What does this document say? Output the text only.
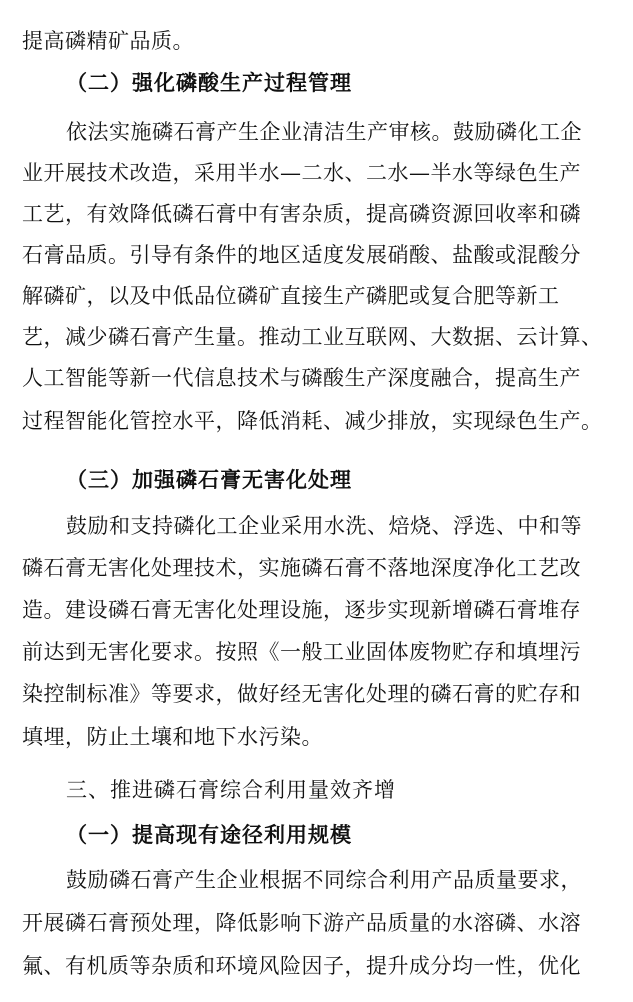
提高磷精矿品质。
（二）强化磷酸生产过程管理
依法实施磷石膏产生企业清洁生产审核。鼓励磷化工企
业开展技术改造，采用半水—二水、二水—半水等绿色生产
工艺，有效降低磷石膏中有害杂质，提高磷资源回收率和磷
石膏品质。引导有条件的地区适度发展硝酸、盐酸或混酸分
解磷矿，以及中低品位磷矿直接生产磷肥或复合肥等新工
艺，减少磷石膏产生量。推动工业互联网、大数据、云计算、
人工智能等新一代信息技术与磷酸生产深度融合，提高生产
过程智能化管控水平，降低消耗、减少排放，实现绿色生产。
（三）加强磷石膏无害化处理
鼓励和支持磷化工企业采用水洗、焙烧、浮选、中和等
磷石膏无害化处理技术，实施磷石膏不落地深度净化工艺改
造。建设磷石膏无害化处理设施，逐步实现新增磷石膏堆存
前达到无害化要求。按照《一般工业固体废物贮存和填埋污
染控制标准》等要求，做好经无害化处理的磷石膏的贮存和
填埋，防止土壤和地下水污染。
三、推进磷石膏综合利用量效齐增
（一）提高现有途径利用规模
鼓励磷石膏产生企业根据不同综合利用产品质量要求，
开展磷石膏预处理，降低影响下游产品质量的水溶磷、水溶
氟、有机质等杂质和环境风险因子，提升成分均一性，优化
